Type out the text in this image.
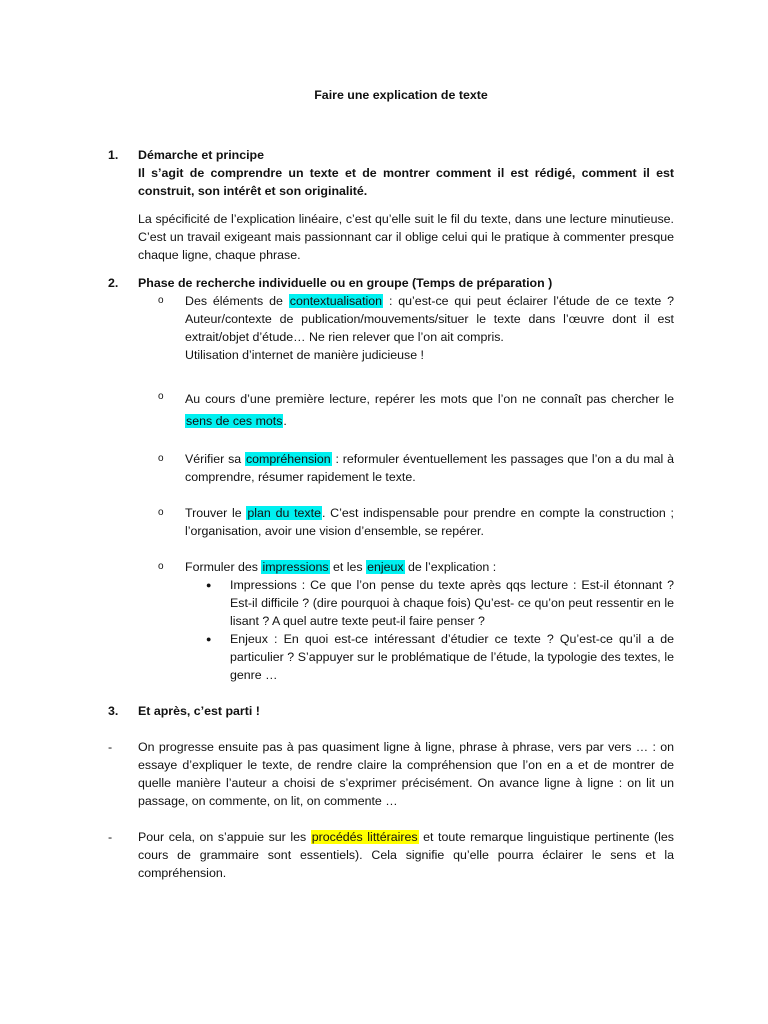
Faire une explication de texte
1.	Démarche et principe

Il s’agit de comprendre un texte et de montrer comment il est rédigé, comment il est construit, son intérêt et son originalité.

La spécificité de l’explication linéaire, c’est qu’elle suit le fil du texte, dans une lecture minutieuse. C’est un travail exigeant mais passionnant car il oblige celui qui le pratique à commenter presque chaque ligne, chaque phrase.

2.	Phase de recherche individuelle ou en groupe (Temps de préparation )
o	Des éléments de contextualisation : qu’est-ce qui peut éclairer l’étude de ce texte ? Auteur/contexte de publication/mouvements/situer le texte dans l’œuvre dont il est extrait/objet d’étude… Ne rien relever que l’on ait compris.
Utilisation d’internet de manière judicieuse !
o	Au cours d’une première lecture, repérer les mots que l’on ne connaît pas chercher le sens de ces mots.
o	Vérifier sa compréhension : reformuler éventuellement les passages que l’on a du mal à comprendre, résumer rapidement le texte.
o	Trouver le plan du texte. C’est indispensable pour prendre en compte la construction ; l’organisation, avoir une vision d’ensemble, se repérer.
o	Formuler des impressions et les enjeux de l’explication :
●	Impressions : Ce que l’on pense du texte après qqs lecture : Est-il étonnant ? Est-il difficile ? (dire pourquoi à chaque fois) Qu’est- ce qu’on peut ressentir en le lisant ? A quel autre texte peut-il faire penser ?
●	Enjeux : En quoi est-ce intéressant d’étudier ce texte ? Qu’est-ce qu’il a de particulier ? S’appuyer sur le problématique de l’étude, la typologie des textes, le genre …
3.	Et après, c’est parti !
-	On progresse ensuite pas à pas quasiment ligne à ligne, phrase à phrase, vers par vers … : on essaye d’expliquer le texte, de rendre claire la compréhension que l’on en a et de montrer de quelle manière l’auteur a choisi de s’exprimer précisément. On avance ligne à ligne : on lit un passage, on commente, on lit, on commente …
-	Pour cela, on s’appuie sur les procédés littéraires et toute remarque linguistique pertinente (les cours de grammaire sont essentiels). Cela signifie qu’elle pourra éclairer le sens et la compréhension.
